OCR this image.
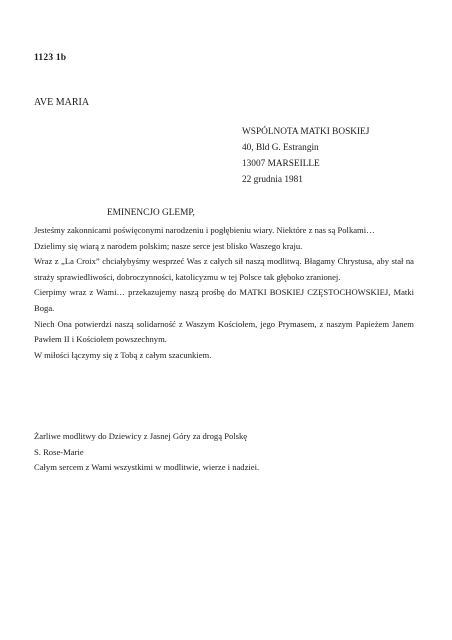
1123 1b
AVE MARIA
WSPÓLNOTA MATKI BOSKIEJ
40, Bld G. Estrangin
13007 MARSEILLE
22 grudnia 1981
EMINENCJO GLEMP,

Jesteśmy zakonnicami poświęconymi narodzeniu i pogłębieniu wiary. Niektóre z nas są Polkami…

Dzielimy się wiarą z narodem polskim; nasze serce jest blisko Waszego kraju.

Wraz z „La Croix” chciałybyśmy wesprzeć Was z całych sił naszą modlitwą. Błagamy Chrystusa, aby stał na straży sprawiedliwości, dobroczynności, katolicyzmu w tej Polsce tak głęboko zranionej.

Cierpimy wraz z Wami… przekazujemy naszą prośbę do MATKI BOSKIEJ CZĘSTOCHOWSKIEJ, Matki Boga.

Niech Ona potwierdzi naszą solidarność z Waszym Kościołem, jego Prymasem, z naszym Papieżem Janem Pawłem II i Kościołem powszechnym.

W miłości łączymy się z Tobą z całym szacunkiem.

Żarliwe modlitwy do Dziewicy z Jasnej Góry za drogą Polskę
S. Rose-Marie
Całym sercem z Wami wszystkimi w modlitwie, wierze i nadziei.
